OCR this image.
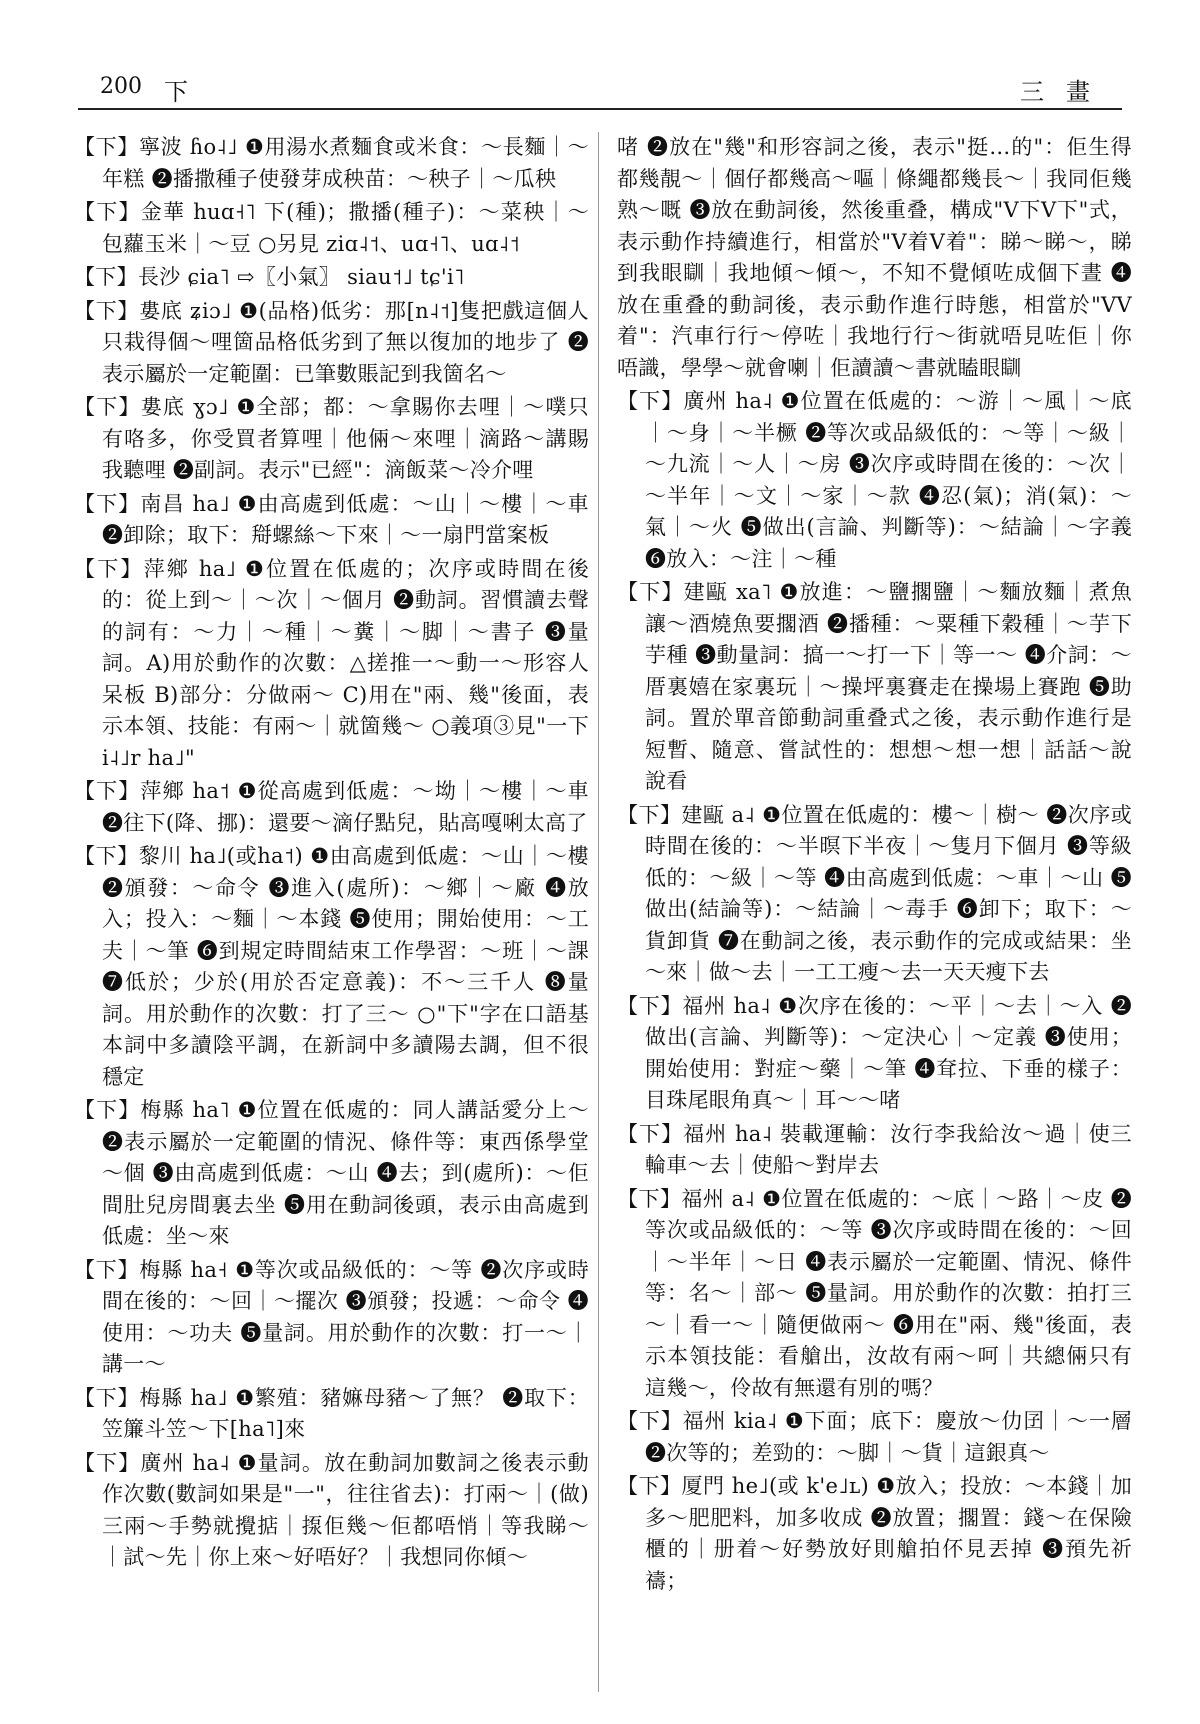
200 下	三畫

【下】寧波 ɦo˨˩ ❶用湯水煮麵食或米食：～長麵｜～年糕 ❷播撒種子使發芽成秧苗：～秧子｜～瓜秧

【下】金華 huɑ˧˥ 下(種)；撒播(種子)：～菜秧｜～包蘿玉米｜～豆 ○另見 ziɑ˨˦、uɑ˧˥、uɑ˨˦

【下】長沙 ɕia˥ ⇨〖小氣〗 siau˦˩ tɕ'i˥

【下】婁底 ʑiɔ˩ ❶(品格)低劣：那[n˨˦]隻把戲這個人只栽得個～哩箇品格低劣到了無以復加的地步了 ❷表示屬於一定範圍：已筆數賬記到我箇名～

【下】婁底 ɣɔ˩ ❶全部；都：～拿賜你去哩｜～噗只有咯多，你受買者算哩｜他倆～來哩｜滴路～講賜我聽哩 ❷副詞。表示"已經"：滴飯菜～冷介哩

【下】南昌 ha˩ ❶由高處到低處：～山｜～樓｜～車 ❷卸除；取下：搿螺絲～下來｜～一扇門當案板

【下】萍鄉 ha˩ ❶位置在低處的；次序或時間在後的：從上到～｜～次｜～個月 ❷動詞。習慣讀去聲的詞有：～力｜～種｜～糞｜～脚｜～書子 ❸量詞。A)用於動作的次數：△搓推一～動一～形容人呆板 B)部分：分做兩～ C)用在"兩、幾"後面，表示本領、技能：有兩～｜就箇幾～ ○義項③見"一下 i˨˩r ha˩"

【下】萍鄉 ha˦ ❶從高處到低處：～坳｜～樓｜～車 ❷往下(降、挪)：還要～滴仔點兒，貼高嘎唎太高了

【下】黎川 ha˩(或ha˦) ❶由高處到低處：～山｜～樓 ❷頒發：～命令 ❸進入(處所)：～鄉｜～廠 ❹放入；投入：～麵｜～本錢 ❺使用；開始使用：～工夫｜～筆 ❻到規定時間結束工作學習：～班｜～課 ❼低於；少於(用於否定意義)：不～三千人 ❽量詞。用於動作的次數：打了三～ ○"下"字在口語基本詞中多讀陰平調，在新詞中多讀陽去調，但不很穩定

【下】梅縣 ha˥ ❶位置在低處的：同人講話愛分上～ ❷表示屬於一定範圍的情況、條件等：東西係學堂～個 ❸由高處到低處：～山 ❹去；到(處所)：～佢間肚兒房間裏去坐 ❺用在動詞後頭，表示由高處到低處：坐～來

【下】梅縣 ha˧ ❶等次或品級低的：～等 ❷次序或時間在後的：～回｜～擺次 ❸頒發；投遞：～命令 ❹使用：～功夫 ❺量詞。用於動作的次數：打一～｜講一～

【下】梅縣 ha˩ ❶繁殖：豬嫲母豬～了無？ ❷取下：笠簾斗笠～下[ha˥]來

【下】廣州 ha˨ ❶量詞。放在動詞加數詞之後表示動作次數(數詞如果是"一"，往往省去)：打兩～｜(做)三兩～手勢就攪掂｜揼佢幾～佢都唔悄｜等我睇～｜試～先｜你上來～好唔好？｜我想同你傾～

啫 ❷放在"幾"和形容詞之後，表示"挺…的"：佢生得都幾靚～｜個仔都幾高～嘔｜條繩都幾長～｜我同佢幾熟～嘅 ❸放在動詞後，然後重叠，構成"V下V下"式，表示動作持續進行，相當於"V着V着"：睇～睇～，睇到我眼瞓｜我地傾～傾～，不知不覺傾咗成個下晝 ❹放在重叠的動詞後，表示動作進行時態，相當於"VV着"：汽車行行～停咗｜我地行行～街就唔見咗佢｜你唔識，學學～就會喇｜佢讀讀～書就瞌眼瞓

【下】廣州 ha˨ ❶位置在低處的：～游｜～風｜～底｜～身｜～半橛 ❷等次或品級低的：～等｜～級｜～九流｜～人｜～房 ❸次序或時間在後的：～次｜～半年｜～文｜～家｜～款 ❹忍(氣)；消(氣)：～氣｜～火 ❺做出(言論、判斷等)：～結論｜～字義 ❻放入：～注｜～種

【下】建甌 xa˥ ❶放進：～鹽擱鹽｜～麵放麵｜煮魚讓～酒燒魚要擱酒 ❷播種：～粟種下穀種｜～芋下芋種 ❸動量詞：搞一～打一下｜等一～ ❹介詞：～厝裏嬉在家裏玩｜～操坪裏賽走在操場上賽跑 ❺助詞。置於單音節動詞重叠式之後，表示動作進行是短暫、隨意、嘗試性的：想想～想一想｜話話～說說看

【下】建甌 a˨ ❶位置在低處的：樓～｜樹～ ❷次序或時間在後的：～半暝下半夜｜～隻月下個月 ❸等級低的：～級｜～等 ❹由高處到低處：～車｜～山 ❺做出(結論等)：～結論｜～毒手 ❻卸下；取下：～貨卸貨 ❼在動詞之後，表示動作的完成或結果：坐～來｜做～去｜一工工瘦～去一天天瘦下去

【下】福州 ha˨ ❶次序在後的：～平｜～去｜～入 ❷做出(言論、判斷等)：～定決心｜～定義 ❸使用；開始使用：對症～藥｜～筆 ❹耷拉、下垂的樣子：目珠尾眼角真～｜耳～～啫

【下】福州 ha˨ 裝載運輸：汝行李我給汝～過｜使三輪車～去｜使船～對岸去

【下】福州 a˨ ❶位置在低處的：～底｜～路｜～皮 ❷等次或品級低的：～等 ❸次序或時間在後的：～回｜～半年｜～日 ❹表示屬於一定範圍、情況、條件等：名～｜部～ ❺量詞。用於動作的次數：拍打三～｜看一～｜隨便做兩～ ❻用在"兩、幾"後面，表示本領技能：看艙出，汝故有兩～呵｜共總倆只有這幾～，伶故有無還有別的嗎？

【下】福州 kia˨ ❶下面；底下：慶放～仂囝｜～一層 ❷次等的；差勁的：～脚｜～貨｜這銀真～

【下】厦門 he˩(或 k'e˩ʟ) ❶放入；投放：～本錢｜加多～肥肥料，加多收成 ❷放置；擱置：錢～在保險櫃的｜册着～好勢放好則艙拍伓見丟掉 ❸預先祈禱；
